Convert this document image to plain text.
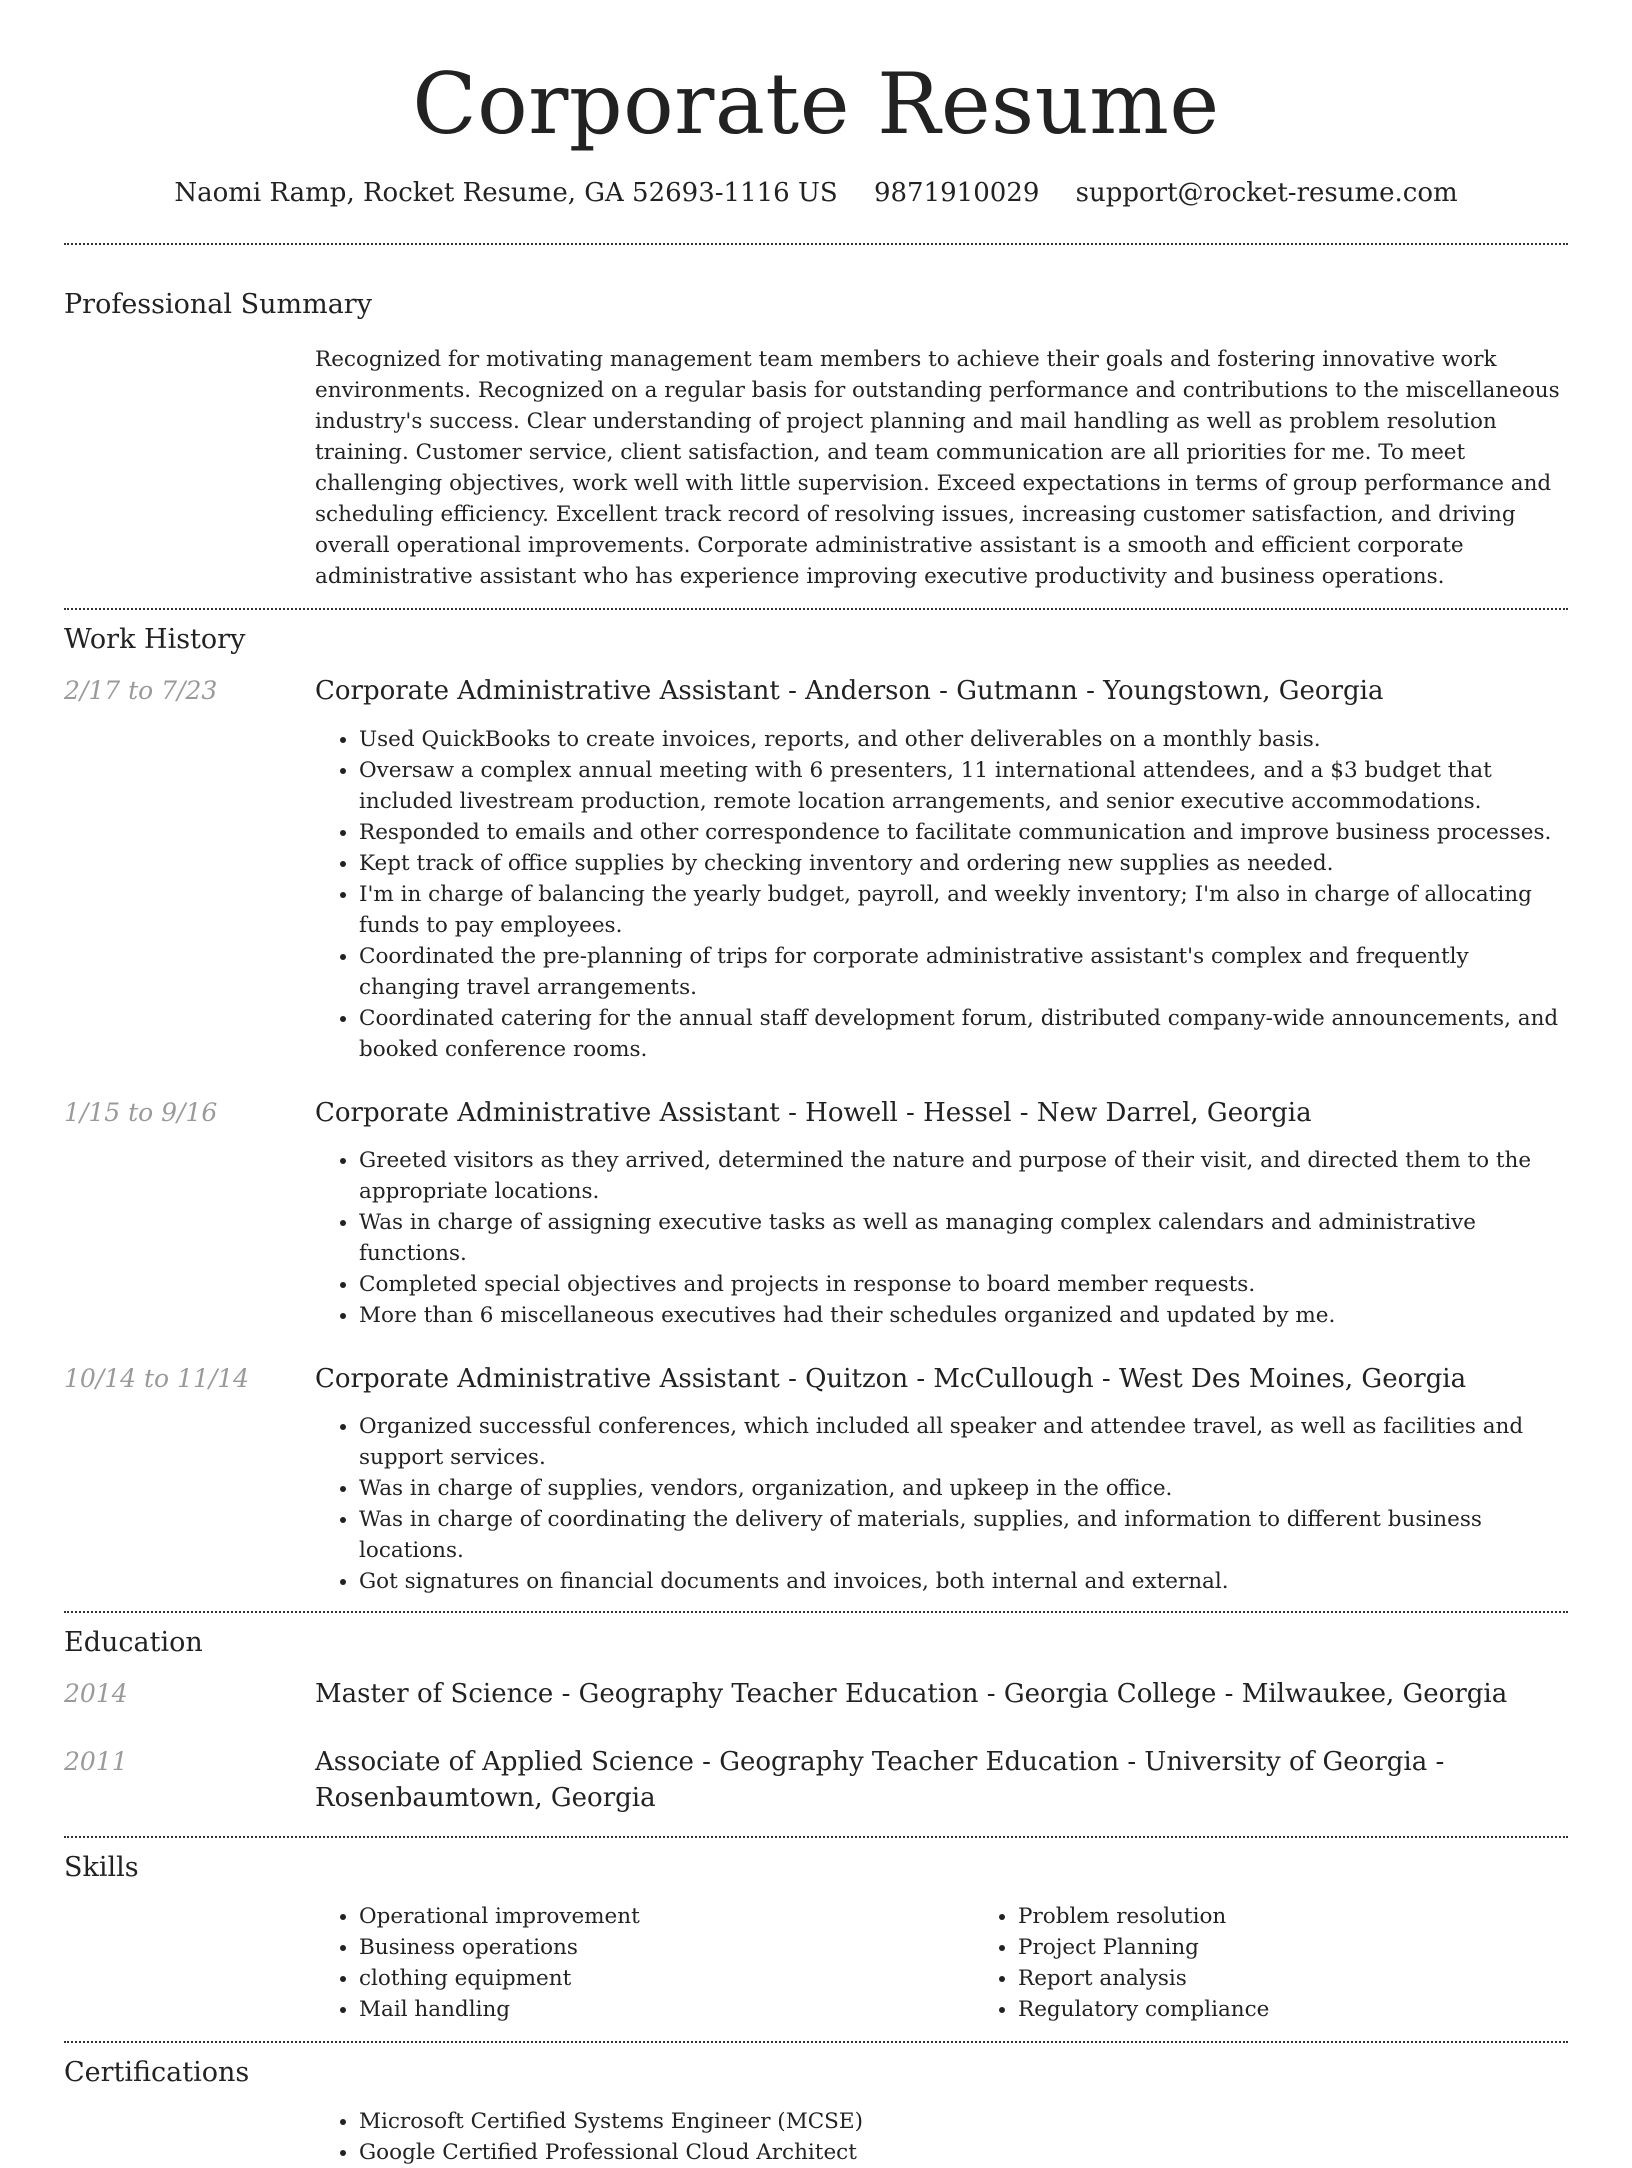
Corporate Resume
Naomi Ramp, Rocket Resume, GA 52693-1116 US 9871910029 support@rocket-resume.com
Professional Summary

Recognized for motivating management team members to achieve their goals and fostering innovative work environments. Recognized on a regular basis for outstanding performance and contributions to the miscellaneous industry's success. Clear understanding of project planning and mail handling as well as problem resolution training. Customer service, client satisfaction, and team communication are all priorities for me. To meet challenging objectives, work well with little supervision. Exceed expectations in terms of group performance and scheduling efficiency. Excellent track record of resolving issues, increasing customer satisfaction, and driving overall operational improvements. Corporate administrative assistant is a smooth and efficient corporate administrative assistant who has experience improving executive productivity and business operations.

Work History
2/17 to 7/23	Corporate Administrative Assistant - Anderson - Gutmann - Youngstown, Georgia

• Used QuickBooks to create invoices, reports, and other deliverables on a monthly basis.
• Oversaw a complex annual meeting with 6 presenters, 11 international attendees, and a $3 budget that included livestream production, remote location arrangements, and senior executive accommodations.
• Responded to emails and other correspondence to facilitate communication and improve business processes.
• Kept track of office supplies by checking inventory and ordering new supplies as needed.
• I'm in charge of balancing the yearly budget, payroll, and weekly inventory; I'm also in charge of allocating funds to pay employees.
• Coordinated the pre-planning of trips for corporate administrative assistant's complex and frequently changing travel arrangements.
• Coordinated catering for the annual staff development forum, distributed company-wide announcements, and booked conference rooms.
1/15 to 9/16	Corporate Administrative Assistant - Howell - Hessel - New Darrel, Georgia

• Greeted visitors as they arrived, determined the nature and purpose of their visit, and directed them to the appropriate locations.
• Was in charge of assigning executive tasks as well as managing complex calendars and administrative functions.
• Completed special objectives and projects in response to board member requests.
• More than 6 miscellaneous executives had their schedules organized and updated by me.
10/14 to 11/14	Corporate Administrative Assistant - Quitzon - McCullough - West Des Moines, Georgia

• Organized successful conferences, which included all speaker and attendee travel, as well as facilities and support services.
• Was in charge of supplies, vendors, organization, and upkeep in the office.
• Was in charge of coordinating the delivery of materials, supplies, and information to different business locations.
• Got signatures on financial documents and invoices, both internal and external.
Education
2014	Master of Science - Geography Teacher Education - Georgia College - Milwaukee, Georgia

2011	Associate of Applied Science - Geography Teacher Education - University of Georgia - Rosenbaumtown, Georgia

Skills
• Operational improvement
• Business operations
• clothing equipment
• Mail handling
• Problem resolution
• Project Planning
• Report analysis
• Regulatory compliance
Certifications
• Microsoft Certified Systems Engineer (MCSE)
• Google Certified Professional Cloud Architect
